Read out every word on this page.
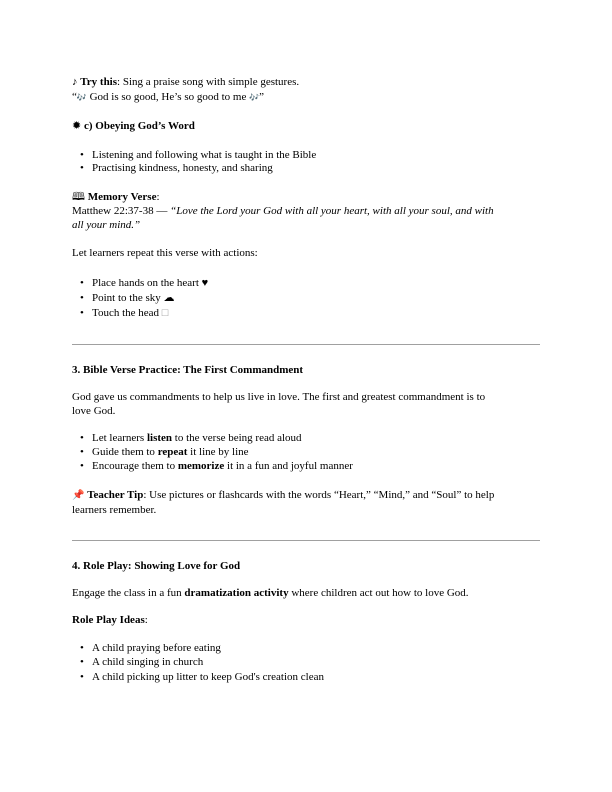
♪ Try this: Sing a praise song with simple gestures.
“🎶 God is so good, He’s so good to me 🎶”
✹ c) Obeying God’s Word
• Listening and following what is taught in the Bible
• Practising kindness, honesty, and sharing
🕮 Memory Verse:
Matthew 22:37-38 — “Love the Lord your God with all your heart, with all your soul, and with
all your mind.”
Let learners repeat this verse with actions:
• Place hands on the heart ♥
• Point to the sky ☁
• Touch the head □
3. Bible Verse Practice: The First Commandment
God gave us commandments to help us live in love. The first and greatest commandment is to
love God.
• Let learners listen to the verse being read aloud
• Guide them to repeat it line by line
• Encourage them to memorize it in a fun and joyful manner
📌 Teacher Tip: Use pictures or flashcards with the words “Heart,” “Mind,” and “Soul” to help
learners remember.
4. Role Play: Showing Love for God
Engage the class in a fun dramatization activity where children act out how to love God.
Role Play Ideas:
• A child praying before eating
• A child singing in church
• A child picking up litter to keep God's creation clean
